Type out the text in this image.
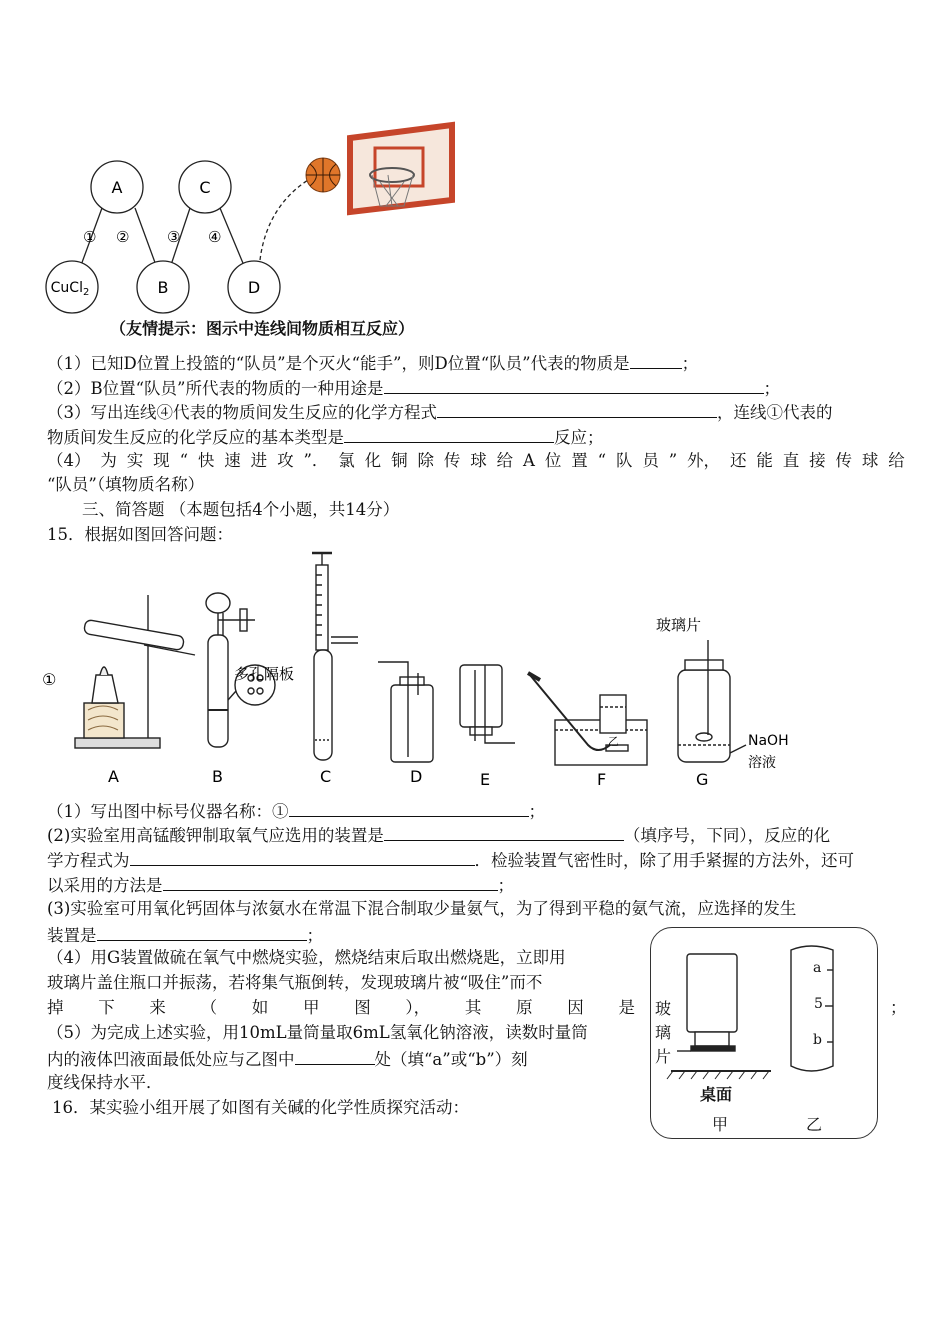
A	C
CuCl$_2$	B	D
① ②	③ ④
（友情提示：图示中连线间物质相互反应）
（1）已知D位置上投篮的“队员”是个灭火“能手”，则D位置“队员”代表的物质是	；
（2）B位置“队员”所代表的物质的一种用途是	；
（3）写出连线④代表的物质间发生反应的化学方程式	，连线①代表的
物质间发生反应的化学反应的基本类型是	反应；
（4） 为 实 现 “ 快 速 进 攻 ”． 氯 化 铜 除 传 球 给 A 位 置 “ 队 员 ” 外， 还 能 直 接 传 球 给
“队员”（填物质名称）
三、简答题 （本题包括4个小题，共14分）
15．根据如图回答问题：
玻璃片
多孔隔板
NaOH
溶液
①
乙
A	B	C	D	E	F	G
（1）写出图中标号仪器名称：①	；
(2)实验室用高锰酸钾制取氧气应选用的装置是	（填序号，下同），反应的化
学方程式为	．检验装置气密性时，除了用手紧握的方法外，还可
以采用的方法是	；
(3)实验室可用氧化钙固体与浓氨水在常温下混合制取少量氨气，为了得到平稳的氨气流，应选择的发生
装置是	；
（4）用G装置做硫在氧气中燃烧实验，燃烧结束后取出燃烧匙，立即用
玻璃片盖住瓶口并振荡，若将集气瓶倒转，发现玻璃片被“吸住”而不
掉 下 来 （ 如 甲 图 ）， 其 原 因 是	；
（5）为完成上述实验，用10mL量筒量取6mL氢氧化钠溶液，读数时量筒
内的液体凹液面最低处应与乙图中	处（填“a”或“b”）刻
度线保持水平．
玻
璃
片
桌面
甲	乙
a
5
b
16．某实验小组开展了如图有关碱的化学性质探究活动：
